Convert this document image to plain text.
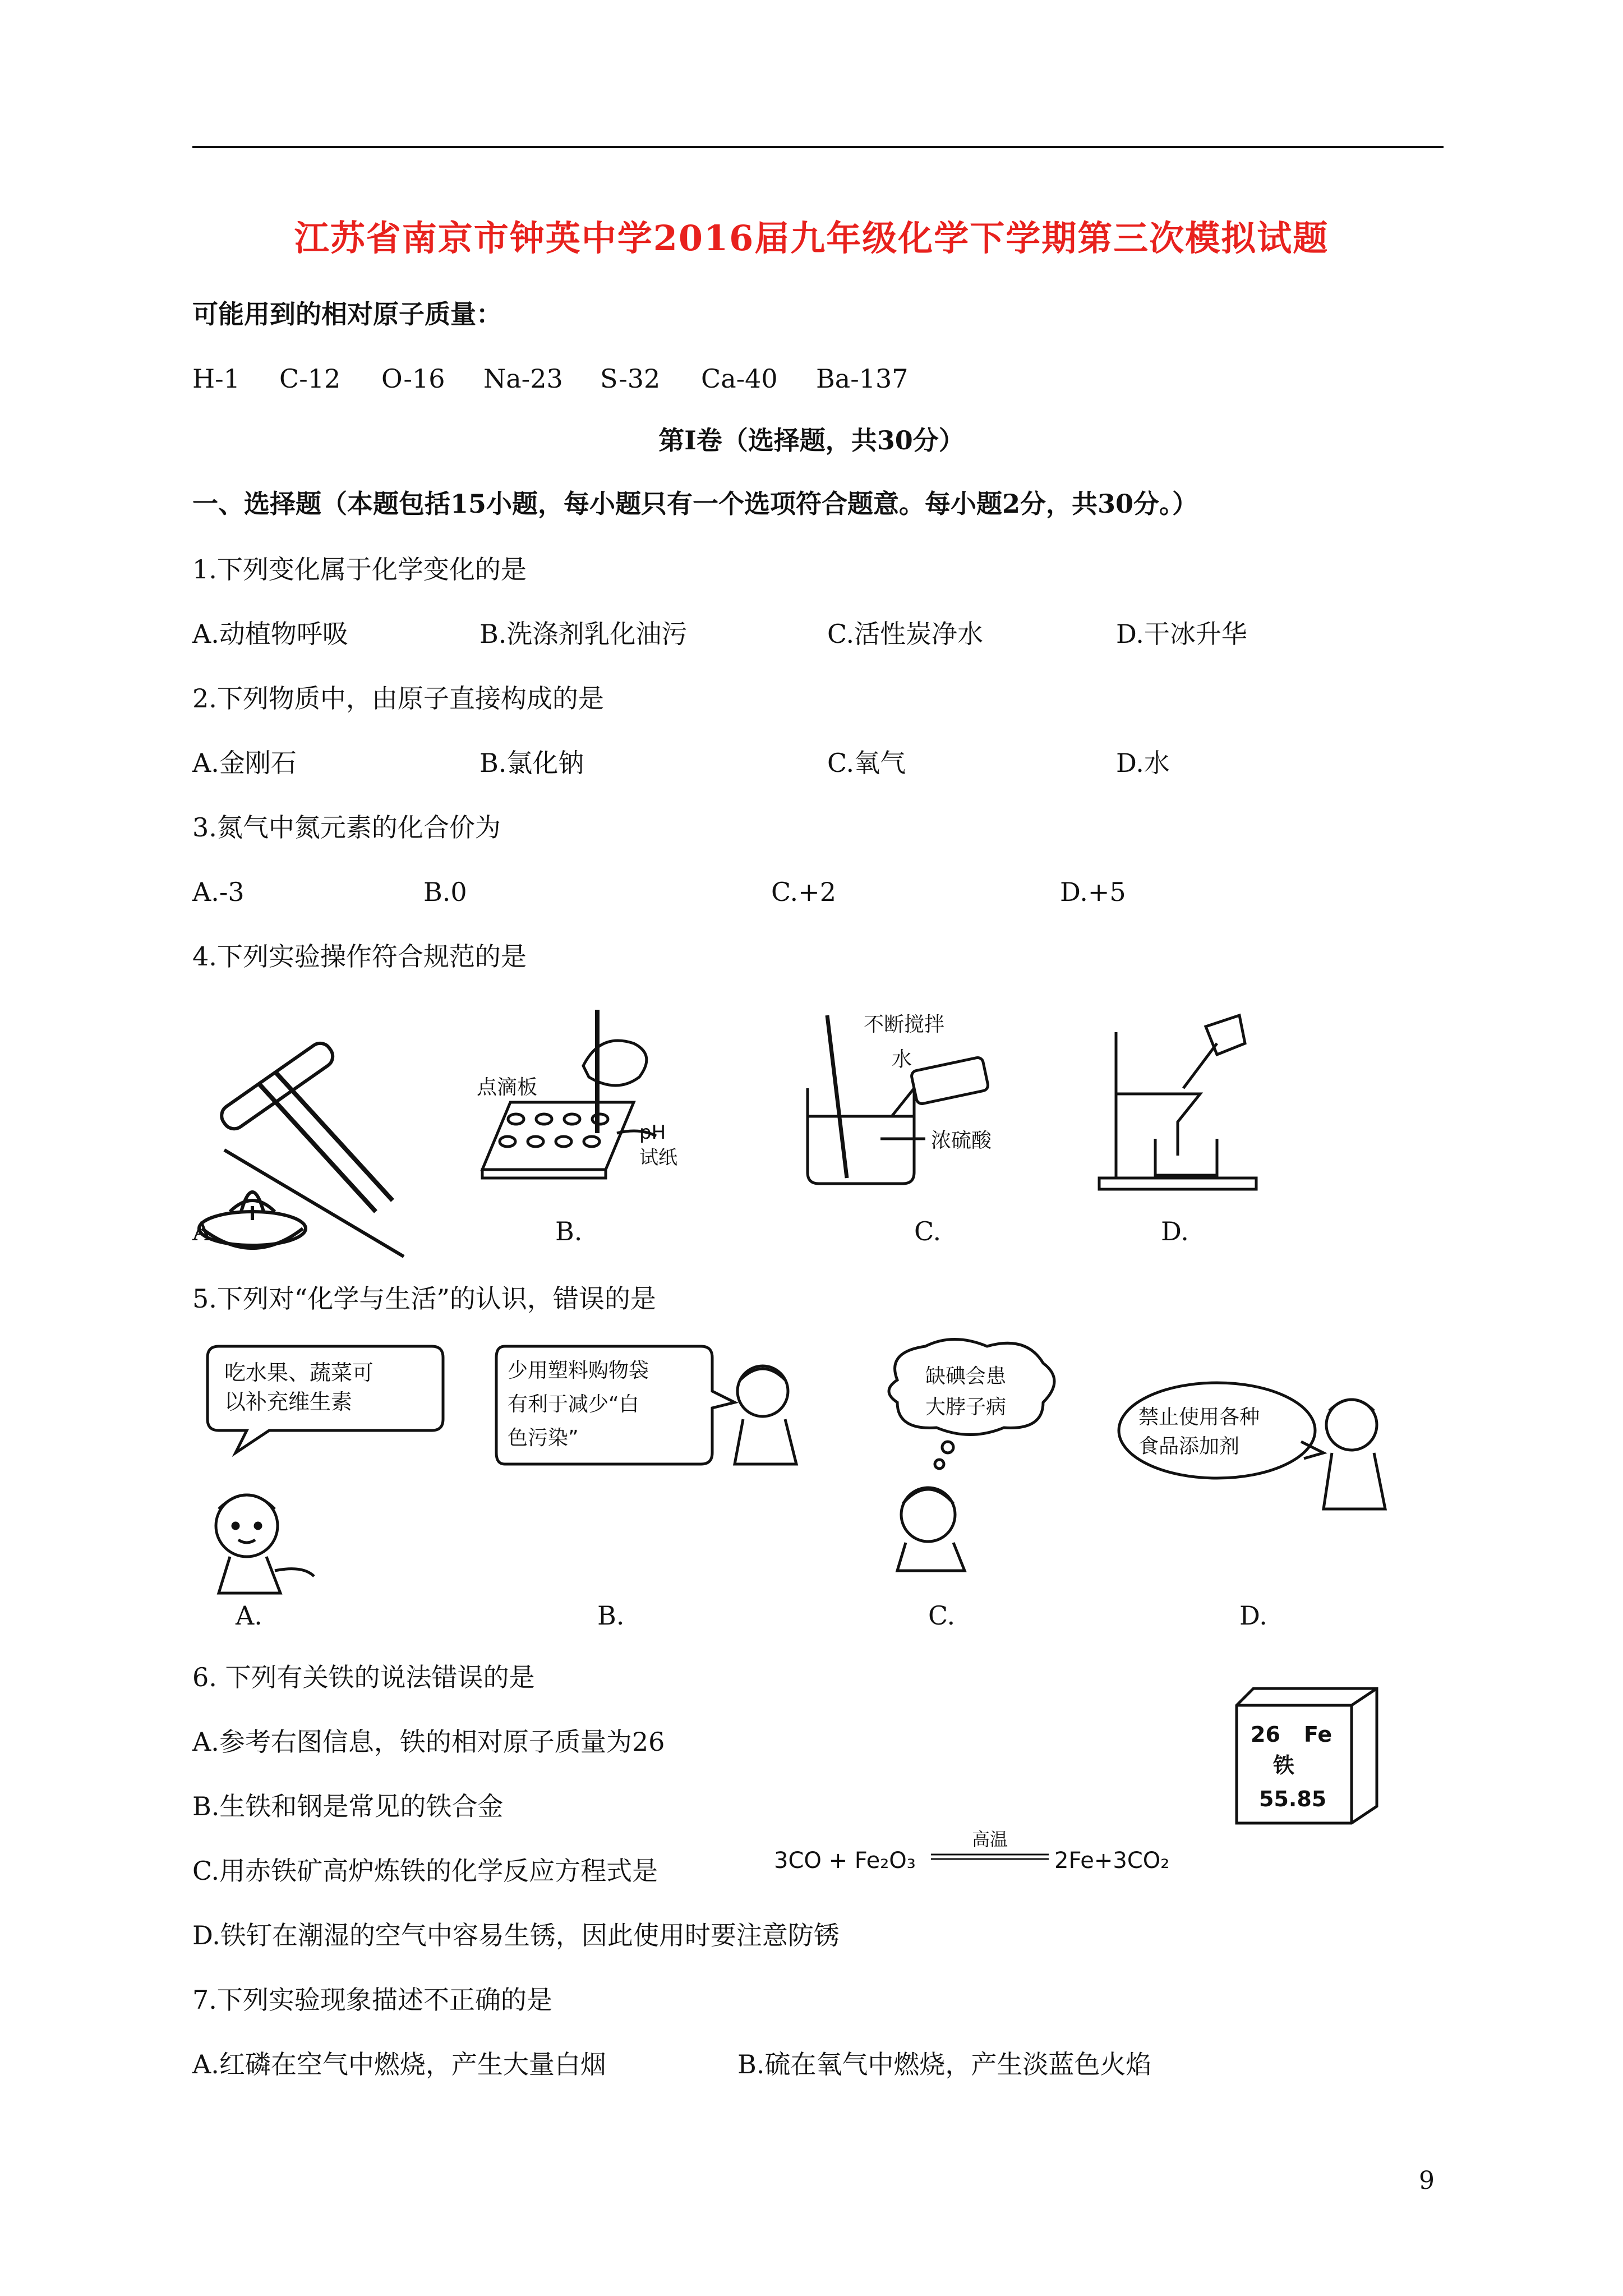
江苏省南京市钟英中学2016届九年级化学下学期第三次模拟试题
可能用到的相对原子质量：
H-1 C-12 O-16 Na-23 S-32 Ca-40 Ba-137
第Ⅰ卷（选择题，共30分）
一、选择题（本题包括15小题，每小题只有一个选项符合题意。每小题2分，共30分。）
1.下列变化属于化学变化的是
A.动植物呼吸	B.洗涤剂乳化油污	C.活性炭净水	D.干冰升华
2.下列物质中，由原子直接构成的是
A.金刚石	B.氯化钠	C.氧气	D.水
3.氮气中氮元素的化合价为
A.-3	B.0	C.+2	D.+5
4.下列实验操作符合规范的是
A.
点滴板
pH
试纸
B.
不断搅拌
水
浓硫酸
C.	D.
5.下列对“化学与生活”的认识，错误的是
吃水果、蔬菜可
以补充维生素
少用塑料购物袋
有利于减少“白
色污染”
缺碘会患
大脖子病	禁止使用各种
食品添加剂
A.	B.	C.	D.
6. 下列有关铁的说法错误的是
A.参考右图信息，铁的相对原子质量为26
B.生铁和钢是常见的铁合金
C.用赤铁矿高炉炼铁的化学反应方程式是
D.铁钉在潮湿的空气中容易生锈，因此使用时要注意防锈
3CO + Fe₂O₃
高温
2Fe+3CO₂
26 Fe
铁
55.85
7.下列实验现象描述不正确的是
A.红磷在空气中燃烧，产生大量白烟	B.硫在氧气中燃烧，产生淡蓝色火焰
9
